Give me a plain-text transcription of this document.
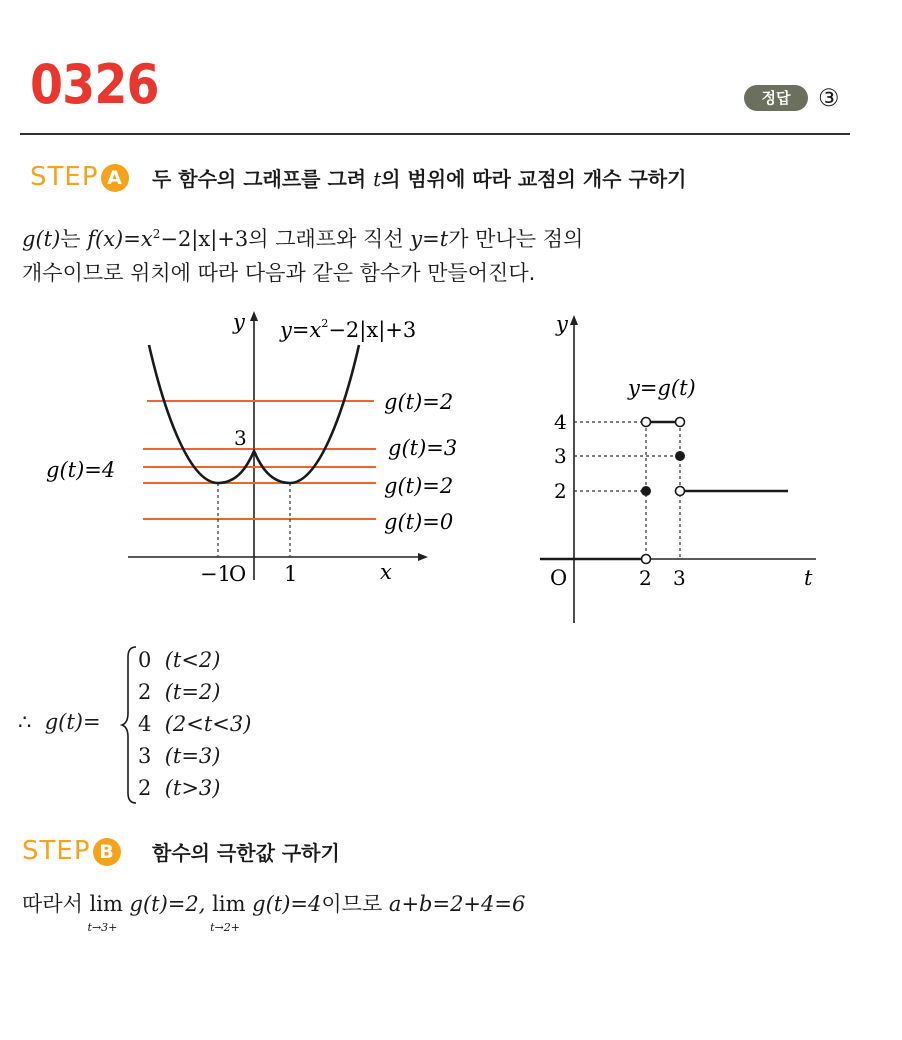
0326	정답	③
STEP A	두 함수의 그래프를 그려 t의 범위에 따라 교점의 개수 구하기
g(t)는 $f(x)=x^2-2|x|+3$의 그래프와 직선 y=t가 만나는 점의
개수이므로 위치에 따라 다음과 같은 함수가 만들어진다.
y $y=x^2-2|x|+3$
3
−1
O 1	x
g(t)=4
g(t)=2
g(t)=3
g(t)=2
g(t)=0
y
y=g(t)
4
3
2
O	2 3	t
∴ g(t)=
0 (t<2)
2 (t=2)
4 (2<t<3)
3 (t=3)
2 (t>3)
STEP B	함수의 극한값 구하기
따라서 lim
t→3+
g(t)=2, lim
t→2+
g(t)=4이므로 a+b=2+4=6
